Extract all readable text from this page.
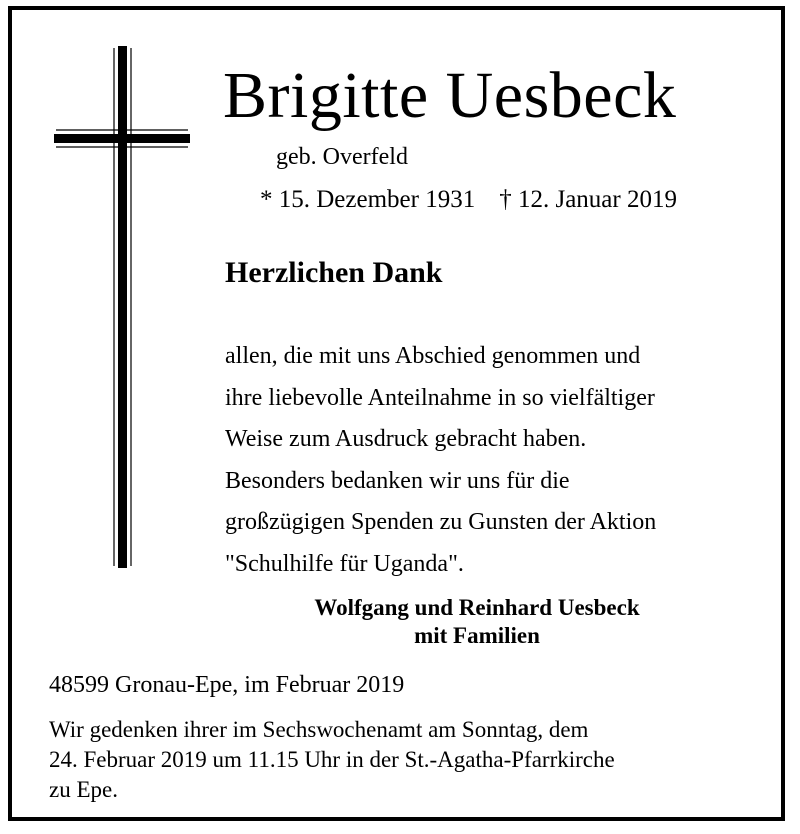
Brigitte Uesbeck
geb. Overfeld
* 15. Dezember 1931 † 12. Januar 2019
Herzlichen Dank
allen, die mit uns Abschied genommen und
ihre liebevolle Anteilnahme in so vielfältiger
Weise zum Ausdruck gebracht haben.
Besonders bedanken wir uns für die
großzügigen Spenden zu Gunsten der Aktion
"Schulhilfe für Uganda".
Wolfgang und Reinhard Uesbeck
mit Familien
48599 Gronau-Epe, im Februar 2019
Wir gedenken ihrer im Sechswochenamt am Sonntag, dem
24. Februar 2019 um 11.15 Uhr in der St.-Agatha-Pfarrkirche
zu Epe.
